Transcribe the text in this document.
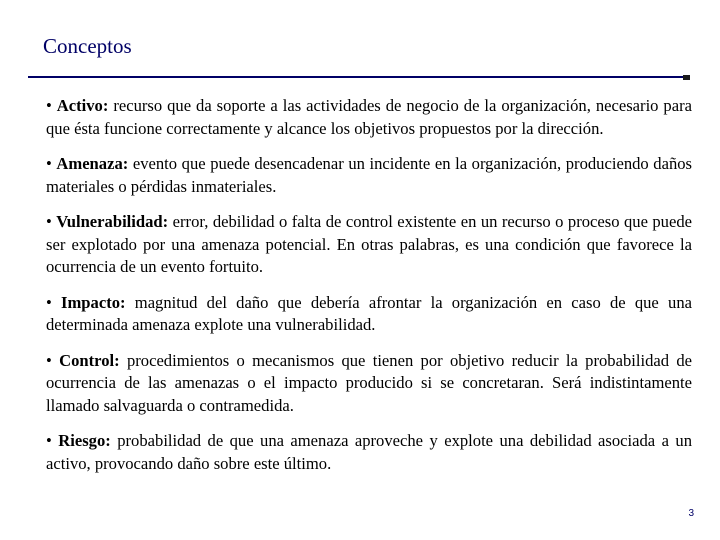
Conceptos

• Activo: recurso que da soporte a las actividades de negocio de la organización, necesario para que ésta funcione correctamente y alcance los objetivos propuestos por la dirección.

• Amenaza: evento que puede desencadenar un incidente en la organización, produciendo daños materiales o pérdidas inmateriales.

• Vulnerabilidad: error, debilidad o falta de control existente en un recurso o proceso que puede ser explotado por una amenaza potencial. En otras palabras, es una condición que favorece la ocurrencia de un evento fortuito.

• Impacto: magnitud del daño que debería afrontar la organización en caso de que una determinada amenaza explote una vulnerabilidad.

• Control: procedimientos o mecanismos que tienen por objetivo reducir la probabilidad de ocurrencia de las amenazas o el impacto producido si se concretaran. Será indistintamente llamado salvaguarda o contramedida.

• Riesgo: probabilidad de que una amenaza aproveche y explote una debilidad asociada a un activo, provocando daño sobre este último.

3
